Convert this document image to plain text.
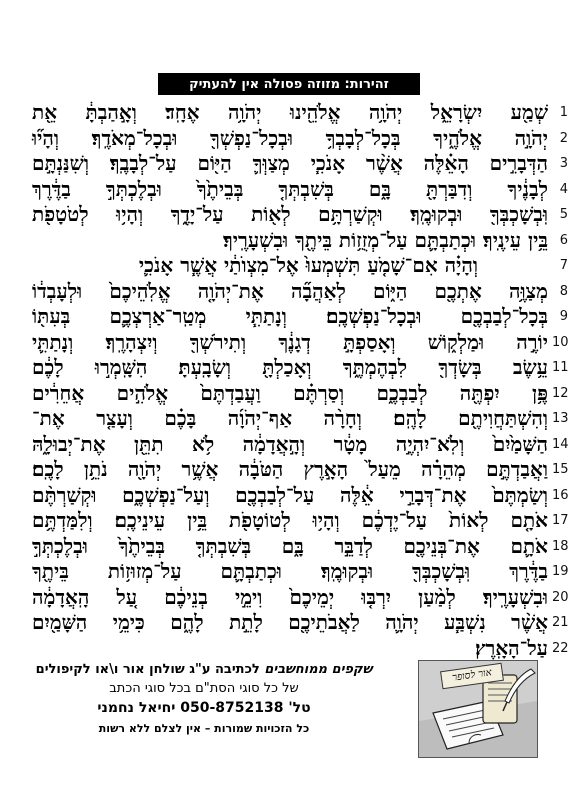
זהירות: מזוזה פסולה אין להעתיק
שְׁמַ֖ע יִשְׂרָאֵ֑ל יְהֹוָ֥ה אֱלֹהֵ֖ינוּ יְהֹוָ֥ה אֶחָֽד׃ וְאָ֣הַבְתָּ֔ אֵ֖ת 1
יְהֹוָ֣ה אֱלֹהֶ֑יךָ בְּכָל־לְבָבְךָ֥ וּבְכָל־נַפְשְׁךָ֖ וּבְכָל־מְאֹדֶֽךָ׃ וְהָי֞וּ 2
הַדְּבָרִ֣ים הָאֵ֗לֶּה אֲשֶׁ֨ר אָנֹכִ֧י מְצַוְּךָ֛ הַיּ֖וֹם עַל־לְבָבֶֽךָ׃ וְשִׁנַּנְתָּ֣ם 3
לְבָנֶ֔יךָ וְדִבַּרְתָּ֖ בָּ֑ם בְּשִׁבְתְּךָ֤ בְּבֵיתֶ֙ךָ֙ וּבְלֶכְתְּךָ֣ בַדֶּ֔רֶךְ 4
וּֽבְשָׁכְבְּךָ֖ וּבְקוּמֶֽךָ׃ וּקְשַׁרְתָּ֥ם לְא֖וֹת עַל־יָדֶ֑ךָ וְהָי֥וּ לְטֹטָפֹ֖ת 5
בֵּ֥ין עֵינֶֽיךָ׃ וּכְתַבְתָּ֛ם עַל־מְזֻז֥וֹת בֵּיתֶ֖ךָ וּבִשְׁעָרֶֽיךָ׃ 6
וְהָיָ֗ה אִם־שָׁמֹ֤עַ תִּשְׁמְעוּ֙ אֶל־מִצְוֺתַ֔י אֲשֶׁ֧ר אָנֹכִ֛י	7
מְצַוֶּ֥ה אֶתְכֶ֖ם הַיּ֑וֹם לְאַהֲבָ֞ה אֶת־יְהֹוָ֤ה אֱלֹֽהֵיכֶם֙ וּלְעָבְד֔וֹ 8
בְּכָל־לְבַבְכֶ֖ם וּבְכָל־נַפְשְׁכֶֽם׃ וְנָתַתִּ֧י מְטַֽר־אַרְצְכֶ֛ם בְּעִתּ֖וֹ 9
יוֹרֶ֣ה וּמַלְק֑וֹשׁ וְאָסַפְתָּ֣ דְגָנֶ֔ךָ וְתִירֹשְׁךָ֖ וְיִצְהָרֶֽךָ׃ וְנָתַתִּ֛י 10
עֵ֥שֶׂב בְּשָׂדְךָ֖ לִבְהֶמְתֶּ֑ךָ וְאָכַלְתָּ֖ וְשָׂבָֽעְתָּ׃ הִשָּֽׁמְר֣וּ לָכֶ֔ם 11
פֶּ֥ן יִפְתֶּ֖ה לְבַבְכֶ֑ם וְסַרְתֶּ֗ם וַעֲבַדְתֶּם֙ אֱלֹהִ֣ים אֲחֵרִ֔ים 12
וְהִשְׁתַּחֲוִיתֶ֖ם לָהֶֽם׃ וְחָרָ֨ה אַף־יְהֹוָ֜ה בָּכֶ֗ם וְעָצַ֤ר אֶת־ 13
הַשָּׁמַ֙יִם֙ וְלֹֽא־יִהְיֶ֣ה מָטָ֔ר וְהָ֣אֲדָמָ֔ה לֹ֥א תִתֵּ֖ן אֶת־יְבוּלָ֑הּ 14
וַאֲבַדְתֶּ֣ם מְהֵרָ֗ה מֵעַל֙ הָאָ֣רֶץ הַטֹּבָ֔ה אֲשֶׁ֥ר יְהֹוָ֖ה נֹתֵ֥ן לָכֶֽם׃ 15
וְשַׂמְתֶּם֙ אֶת־דְּבָרַ֣י אֵ֔לֶּה עַל־לְבַבְכֶ֖ם וְעַל־נַפְשְׁכֶ֑ם וּקְשַׁרְתֶּ֨ם 16
אֹתָ֤ם לְאוֹת֙ עַל־יֶדְכֶ֔ם וְהָי֥וּ לְטוֹטָפֹ֖ת בֵּ֥ין עֵינֵיכֶֽם׃ וְלִמַּדְתֶּ֥ם 17
אֹתָ֛ם אֶת־בְּנֵיכֶ֖ם לְדַבֵּ֣ר בָּ֑ם בְּשִׁבְתְּךָ֤ בְּבֵיתֶ֙ךָ֙ וּבְלֶכְתְּךָ֣ 18
בַדֶּ֔רֶךְ וּֽבְשָׁכְבְּךָ֖ וּבְקוּמֶֽךָ׃ וּכְתַבְתָּ֛ם עַל־מְזוּז֥וֹת בֵּיתֶ֖ךָ 19
וּבִשְׁעָרֶֽיךָ׃ לְמַ֨עַן יִרְבּ֤וּ יְמֵיכֶם֙ וִימֵ֣י בְנֵיכֶ֔ם עַ֚ל הָֽאֲדָמָ֔ה 20
אֲשֶׁ֨ר נִשְׁבַּ֧ע יְהֹוָ֛ה לַאֲבֹתֵיכֶ֖ם לָתֵ֣ת לָהֶ֑ם כִּימֵ֥י הַשָּׁמַ֖יִם 21
עַל־הָאָֽרֶץ׃ 22
שקפים ממוחשבים לכתיבה ע"ג שולחן אור ו\או לקיפולים
של כל סוגי הסת"ם בכל סוגי הכתב
טל' 050-8752138 יחיאל נחמני
כל הזכויות שמורות – אין לצלם ללא רשות
אור לסופר
